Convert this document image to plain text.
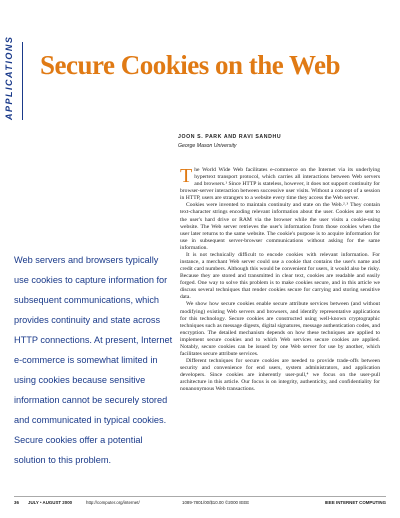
APPLICATIONS Secure Cookies on the Web
JOON S. PARK AND RAVI SANDHU
George Mason University

Web servers and browsers typically use cookies to capture information for subsequent communications, which provides continuity and state across HTTP connections. At present, Internet e-commerce is somewhat limited in using cookies because sensitive information cannot be securely stored and communicated in typical cookies. Secure cookies offer a potential solution to this problem.

The World Wide Web facilitates e-commerce on the Internet via its underlying hypertext transport protocol, which carries all interactions between Web servers and browsers.¹ Since HTTP is stateless, however, it does not support continuity for browser-server interaction between successive user visits. Without a concept of a session in HTTP, users are strangers to a website every time they access the Web server.

Cookies were invented to maintain continuity and state on the Web.²˒³ They contain text-character strings encoding relevant information about the user. Cookies are sent to the user's hard drive or RAM via the browser while the user visits a cookie-using website. The Web server retrieves the user's information from those cookies when the user later returns to the same website. The cookie's purpose is to acquire information for use in subsequent server-browser communications without asking for the same information.

It is not technically difficult to encode cookies with relevant information. For instance, a merchant Web server could use a cookie that contains the user's name and credit card numbers. Although this would be convenient for users, it would also be risky. Because they are stored and transmitted in clear text, cookies are readable and easily forged. One way to solve this problem is to make cookies secure, and in this article we discuss several techniques that render cookies secure for carrying and storing sensitive data.

We show how secure cookies enable secure attribute services between (and without modifying) existing Web servers and browsers, and identify representative applications for this technology. Secure cookies are constructed using well-known cryptographic techniques such as message digests, digital signatures, message authentication codes, and encryption. The detailed mechanism depends on how these techniques are applied to implement secure cookies and to which Web services secure cookies are applied. Notably, secure cookies can be issued by one Web server for use by another, which facilitates secure attribute services.

Different techniques for secure cookies are needed to provide trade-offs between security and convenience for end users, system administrators, and application developers. Since cookies are inherently user-pull,⁴ we focus on the user-pull architecture in this article. Our focus is on integrity, authenticity, and confidentiality for nonanonymous Web transactions.

36 JULY • AUGUST 2000	http://computer.org/internet/	1089-7801/00/$10.00 ©2000 IEEE	IEEE INTERNET COMPUTING
